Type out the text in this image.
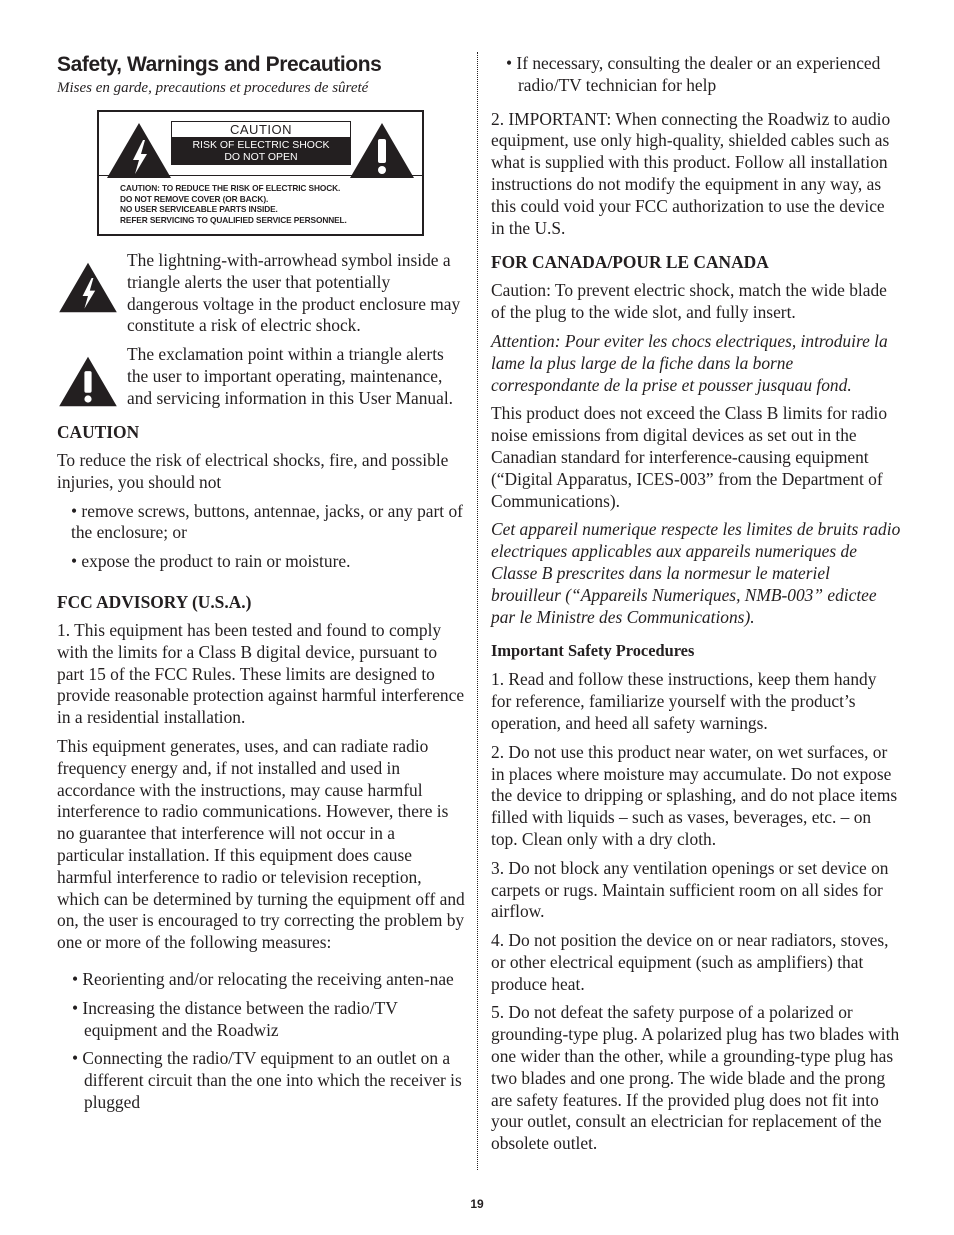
Safety, Warnings and Precautions
Mises en garde, precautions et procedures de sûreté
CAUTION
RISK OF ELECTRIC SHOCK
DO NOT OPEN
CAUTION: TO REDUCE THE RISK OF ELECTRIC SHOCK.
DO NOT REMOVE COVER (OR BACK).
NO USER SERVICEABLE PARTS INSIDE.
REFER SERVICING TO QUALIFIED SERVICE PERSONNEL.

The lightning-with-arrowhead symbol inside a triangle alerts the user that potentially dangerous voltage in the product enclosure may constitute a risk of electric shock.

The exclamation point within a triangle alerts the user to important operating, maintenance, and servicing information in this User Manual.

CAUTION

To reduce the risk of electrical shocks, fire, and possible injuries, you should not

• remove screws, buttons, antennae, jacks, or any part of the enclosure; or

• expose the product to rain or moisture.

FCC ADVISORY (U.S.A.)

1. This equipment has been tested and found to comply with the limits for a Class B digital device, pursuant to part 15 of the FCC Rules. These limits are designed to provide reasonable protection against harmful interference in a residential installation.

This equipment generates, uses, and can radiate radio frequency energy and, if not installed and used in accordance with the instructions, may cause harmful interference to radio communications. However, there is no guarantee that interference will not occur in a particular installation. If this equipment does cause harmful interference to radio or television reception, which can be determined by turning the equipment off and on, the user is encouraged to try correcting the problem by one or more of the following measures:

• Reorienting and/or relocating the receiving anten-nae

• Increasing the distance between the radio/TV equipment and the Roadwiz

• Connecting the radio/TV equipment to an outlet on a different circuit than the one into which the receiver is plugged

• If necessary, consulting the dealer or an experienced radio/TV technician for help

2. IMPORTANT: When connecting the Roadwiz to audio equipment, use only high-quality, shielded cables such as what is supplied with this product. Follow all installation instructions do not modify the equipment in any way, as this could void your FCC authorization to use the device in the U.S.

FOR CANADA/POUR LE CANADA

Caution: To prevent electric shock, match the wide blade of the plug to the wide slot, and fully insert.

Attention: Pour eviter les chocs electriques, introduire la lame la plus large de la fiche dans la borne correspondante de la prise et pousser jusquau fond.

This product does not exceed the Class B limits for radio noise emissions from digital devices as set out in the Canadian standard for interference-causing equipment (“Digital Apparatus, ICES-003” from the Department of Communications).

Cet appareil numerique respecte les limites de bruits radio electriques applicables aux appareils numeriques de Classe B prescrites dans la normesur le materiel brouilleur (“Appareils Numeriques, NMB-003” edictee par le Ministre des Communications).

Important Safety Procedures

1. Read and follow these instructions, keep them handy for reference, familiarize yourself with the product’s operation, and heed all safety warnings.

2. Do not use this product near water, on wet surfaces, or in places where moisture may accumulate. Do not expose the device to dripping or splashing, and do not place items filled with liquids – such as vases, beverages, etc. – on top. Clean only with a dry cloth.

3. Do not block any ventilation openings or set device on carpets or rugs. Maintain sufficient room on all sides for airflow.

4. Do not position the device on or near radiators, stoves, or other electrical equipment (such as amplifiers) that produce heat.

5. Do not defeat the safety purpose of a polarized or grounding-type plug. A polarized plug has two blades with one wider than the other, while a grounding-type plug has two blades and one prong. The wide blade and the prong are safety features. If the provided plug does not fit into your outlet, consult an electrician for replacement of the obsolete outlet.

19
